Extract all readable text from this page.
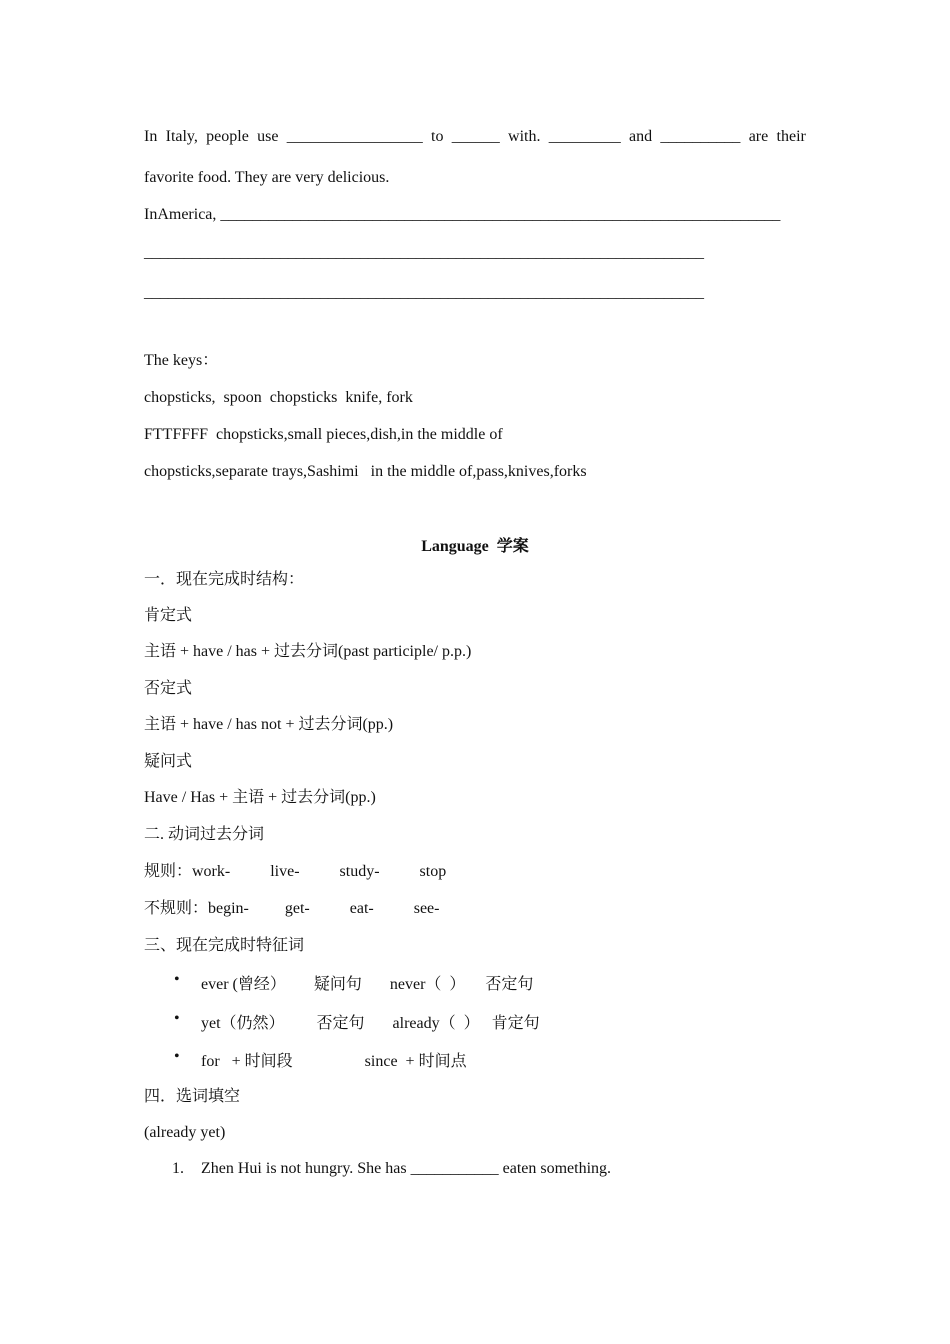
In Italy, people use _________________ to ______ with. _________ and __________ are their
favorite food. They are very delicious.
InAmerica, ______________________________________________________________________
______________________________________________________________________
______________________________________________________________________
The keys：
chopsticks,  spoon  chopsticks  knife, fork
FTTFFFF  chopsticks,small pieces,dish,in the middle of
chopsticks,separate trays,Sashimi   in the middle of,pass,knives,forks
Language  学案
一．现在完成时结构：
肯定式
主语 + have / has + 过去分词(past participle/ p.p.)
否定式
主语 + have / has not + 过去分词(pp.)
疑问式
Have / Has + 主语 + 过去分词(pp.)
二. 动词过去分词
规则：work-          live-          study-          stop
不规则：begin-         get-          eat-          see-
三、现在完成时特征词
• ever (曾经）       疑问句       never（  ）     否定句
• yet（仍然）        否定句       already（  ）   肯定句
• for   + 时间段                  since  + 时间点
四．选词填空
(already yet)
1. Zhen Hui is not hungry. She has ___________ eaten something.
